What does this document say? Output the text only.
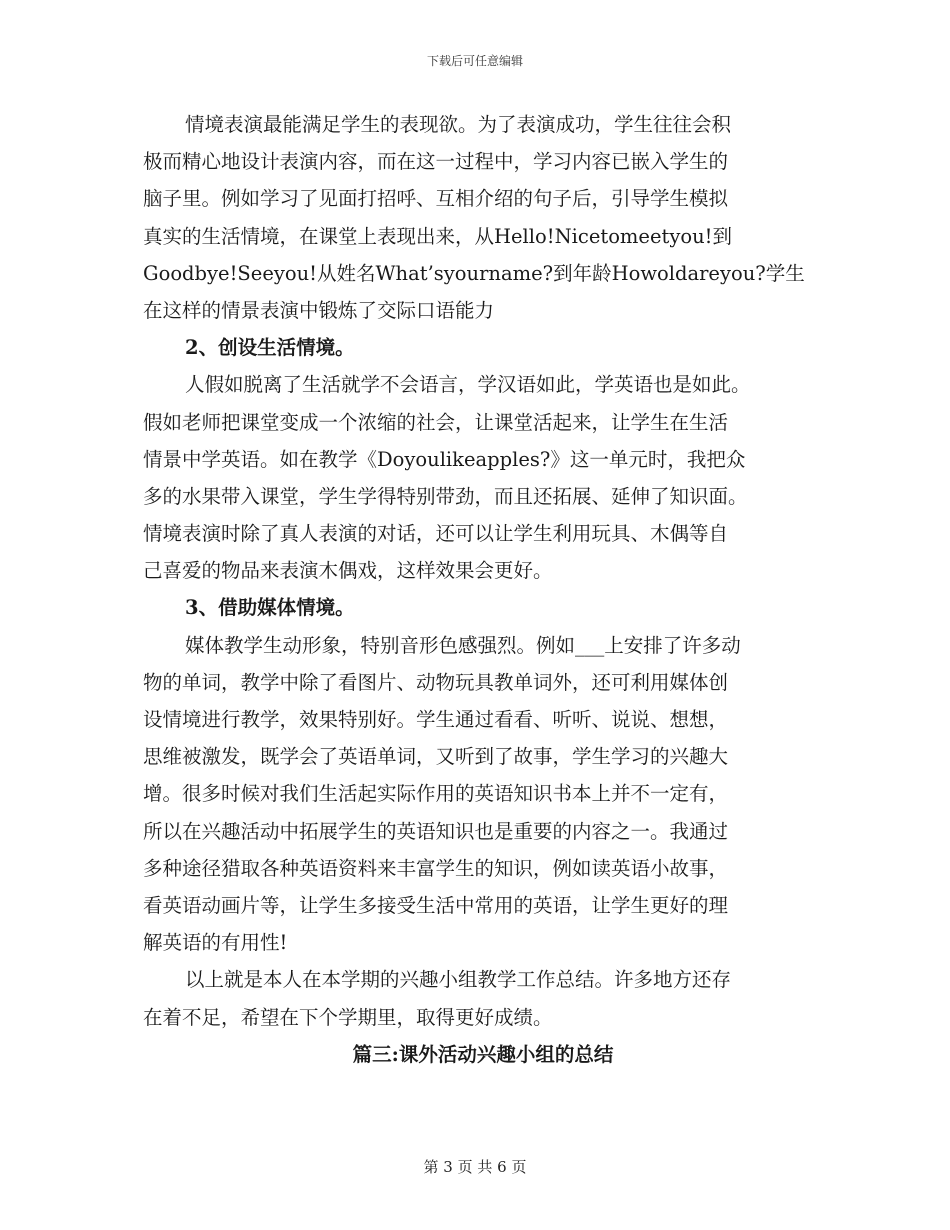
下载后可任意编辑
情境表演最能满足学生的表现欲。为了表演成功，学生往往会积
极而精心地设计表演内容，而在这一过程中，学习内容已嵌入学生的
脑子里。例如学习了见面打招呼、互相介绍的句子后，引导学生模拟
真实的生活情境，在课堂上表现出来，从Hello!Nicetomeetyou!到
Goodbye!Seeyou!从姓名What’syourname?到年龄Howoldareyou?学生
在这样的情景表演中锻炼了交际口语能力
2、创设生活情境。
人假如脱离了生活就学不会语言，学汉语如此，学英语也是如此。
假如老师把课堂变成一个浓缩的社会，让课堂活起来，让学生在生活
情景中学英语。如在教学《Doyoulikeapples?》这一单元时，我把众
多的水果带入课堂，学生学得特别带劲，而且还拓展、延伸了知识面。
情境表演时除了真人表演的对话，还可以让学生利用玩具、木偶等自
己喜爱的物品来表演木偶戏，这样效果会更好。
3、借助媒体情境。
媒体教学生动形象，特别音形色感强烈。例如___上安排了许多动
物的单词，教学中除了看图片、动物玩具教单词外，还可利用媒体创
设情境进行教学，效果特别好。学生通过看看、听听、说说、想想，
思维被激发，既学会了英语单词，又听到了故事，学生学习的兴趣大
增。很多时候对我们生活起实际作用的英语知识书本上并不一定有，
所以在兴趣活动中拓展学生的英语知识也是重要的内容之一。我通过
多种途径猎取各种英语资料来丰富学生的知识，例如读英语小故事，
看英语动画片等，让学生多接受生活中常用的英语，让学生更好的理
解英语的有用性!
以上就是本人在本学期的兴趣小组教学工作总结。许多地方还存
在着不足，希望在下个学期里，取得更好成绩。
篇三:课外活动兴趣小组的总结
第 3 页 共 6 页
